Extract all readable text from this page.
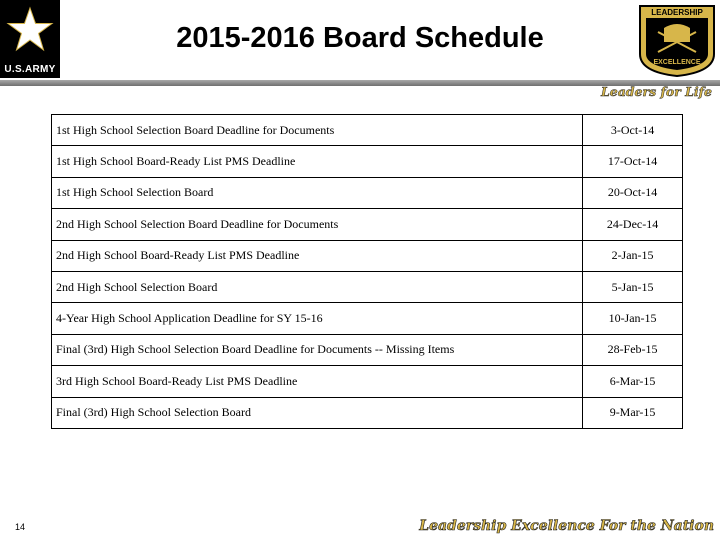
U.S.ARMY
2015-2016 Board Schedule
LEADERSHIP
EXCELLENCE
Leaders for Life
1st High School Selection Board Deadline for Documents	3-Oct-14
1st High School Board-Ready List PMS Deadline	17-Oct-14
1st High School Selection Board	20-Oct-14
2nd High School Selection Board Deadline for Documents	24-Dec-14
2nd High School Board-Ready List PMS Deadline	2-Jan-15
2nd High School Selection Board	5-Jan-15
4-Year High School Application Deadline for SY 15-16	10-Jan-15
Final (3rd) High School Selection Board Deadline for Documents -- Missing Items	28-Feb-15
3rd High School Board-Ready List PMS Deadline	6-Mar-15
Final (3rd) High School Selection Board	9-Mar-15
14	Leadership Excellence For the Nation
